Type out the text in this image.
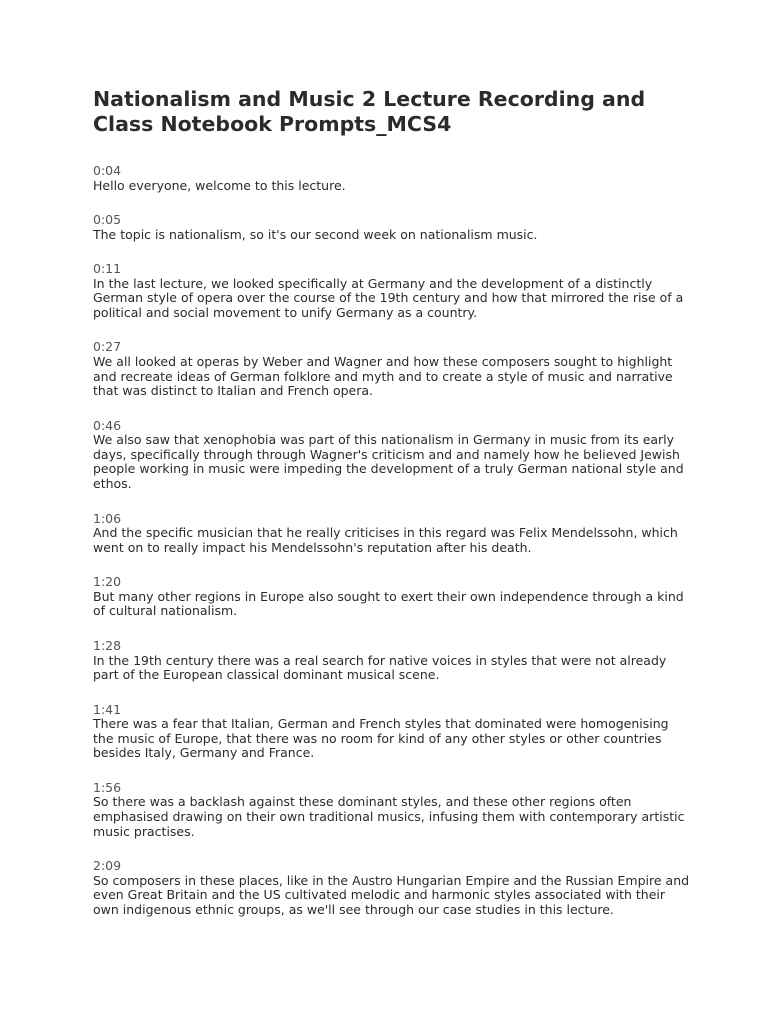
Nationalism and Music 2 Lecture Recording and Class Notebook Prompts_MCS4
0:04
Hello everyone, welcome to this lecture.
0:05
The topic is nationalism, so it's our second week on nationalism music.
0:11
In the last lecture, we looked specifically at Germany and the development of a distinctly German style of opera over the course of the 19th century and how that mirrored the rise of a political and social movement to unify Germany as a country.
0:27
We all looked at operas by Weber and Wagner and how these composers sought to highlight and recreate ideas of German folklore and myth and to create a style of music and narrative that was distinct to Italian and French opera.
0:46
We also saw that xenophobia was part of this nationalism in Germany in music from its early days, specifically through through Wagner's criticism and and namely how he believed Jewish people working in music were impeding the development of a truly German national style and ethos.
1:06
And the specific musician that he really criticises in this regard was Felix Mendelssohn, which went on to really impact his Mendelssohn's reputation after his death.
1:20
But many other regions in Europe also sought to exert their own independence through a kind of cultural nationalism.
1:28
In the 19th century there was a real search for native voices in styles that were not already part of the European classical dominant musical scene.
1:41
There was a fear that Italian, German and French styles that dominated were homogenising the music of Europe, that there was no room for kind of any other styles or other countries besides Italy, Germany and France.
1:56
So there was a backlash against these dominant styles, and these other regions often emphasised drawing on their own traditional musics, infusing them with contemporary artistic music practises.
2:09
So composers in these places, like in the Austro Hungarian Empire and the Russian Empire and even Great Britain and the US cultivated melodic and harmonic styles associated with their own indigenous ethnic groups, as we'll see through our case studies in this lecture.
